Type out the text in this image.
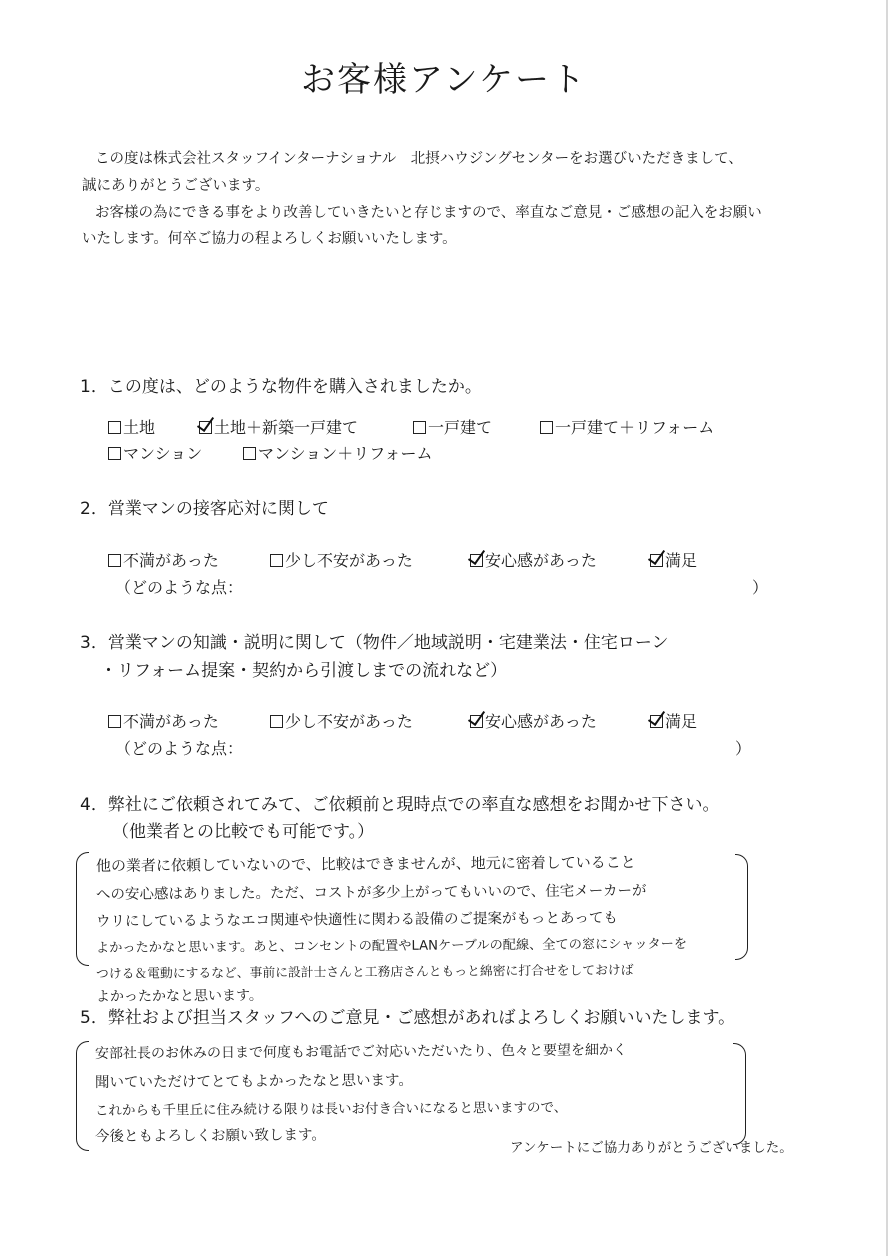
お客様アンケート
この度は株式会社スタッフインターナショナル　北摂ハウジングセンターをお選びいただきまして、
誠にありがとうございます。
お客様の為にできる事をより改善していきたいと存じますので、率直なご意見・ご感想の記入をお願い
いたします。何卒ご協力の程よろしくお願いいたします。
1．この度は、どのような物件を購入されましたか。
土地	土地＋新築一戸建て	一戸建て	一戸建て＋リフォーム
マンション	マンション＋リフォーム
2．営業マンの接客応対に関して
不満があった	少し不安があった	安心感があった	満足
（どのような点：	）
3．営業マンの知識・説明に関して（物件／地域説明・宅建業法・住宅ローン
・リフォーム提案・契約から引渡しまでの流れなど）
不満があった	少し不安があった	安心感があった	満足
（どのような点：	）
4．弊社にご依頼されてみて、ご依頼前と現時点での率直な感想をお聞かせ下さい。
（他業者との比較でも可能です。）
他の業者に依頼していないので、比較はできませんが、地元に密着していること
への安心感はありました。ただ、コストが多少上がってもいいので、住宅メーカーが
ウリにしているようなエコ関連や快適性に関わる設備のご提案がもっとあっても
よかったかなと思います。あと、コンセントの配置やLANケーブルの配線、全ての窓にシャッターを
つける＆電動にするなど、事前に設計士さんと工務店さんともっと綿密に打合せをしておけば
よかったかなと思います。
5．弊社および担当スタッフへのご意見・ご感想があればよろしくお願いいたします。
安部社長のお休みの日まで何度もお電話でご対応いただいたり、色々と要望を細かく
聞いていただけてとてもよかったなと思います。
これからも千里丘に住み続ける限りは長いお付き合いになると思いますので、
今後ともよろしくお願い致します。
アンケートにご協力ありがとうございました。
